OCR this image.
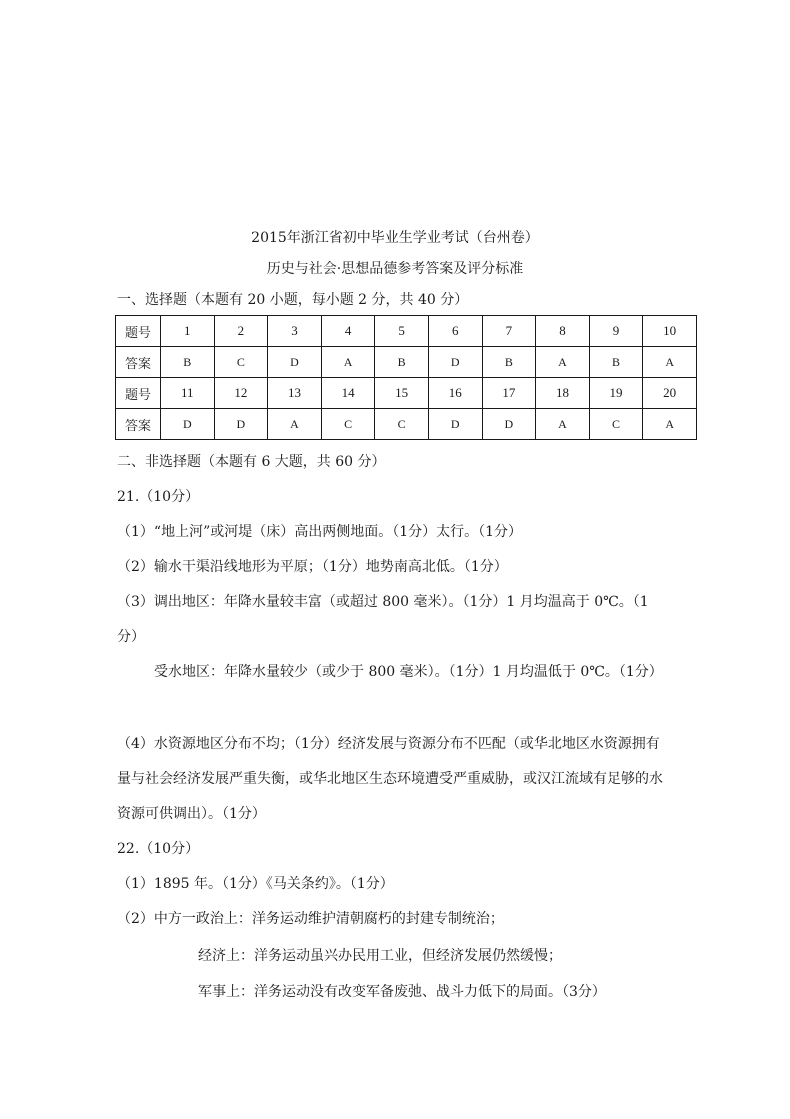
2015年浙江省初中毕业生学业考试（台州卷）
历史与社会·思想品德参考答案及评分标准
一、选择题（本题有 20 小题，每小题 2 分，共 40 分）
题号	1	2	3	4	5	6	7	8	9	10
答案	B	C	D	A	B	D	B	A	B	A
题号	11	12	13	14	15	16	17	18	19	20
答案	D	D	A	C	C	D	D	A	C	A
二、非选择题（本题有 6 大题，共 60 分）
21.（10分）
（1）“地上河”或河堤（床）高出两侧地面。（1分）太行。（1分）
（2）输水干渠沿线地形为平原；（1分）地势南高北低。（1分）
（3）调出地区：年降水量较丰富（或超过 800 毫米）。（1分）1 月均温高于 0℃。（1
分）
受水地区：年降水量较少（或少于 800 毫米）。（1分）1 月均温低于 0℃。（1分）
（4）水资源地区分布不均；（1分）经济发展与资源分布不匹配（或华北地区水资源拥有
量与社会经济发展严重失衡，或华北地区生态环境遭受严重威胁，或汉江流域有足够的水
资源可供调出）。（1分）
22.（10分）
（1）1895 年。（1分）《马关条约》。（1分）
（2）中方一政治上：洋务运动维护清朝腐朽的封建专制统治；
经济上：洋务运动虽兴办民用工业，但经济发展仍然缓慢；
军事上：洋务运动没有改变军备废弛、战斗力低下的局面。（3分）
